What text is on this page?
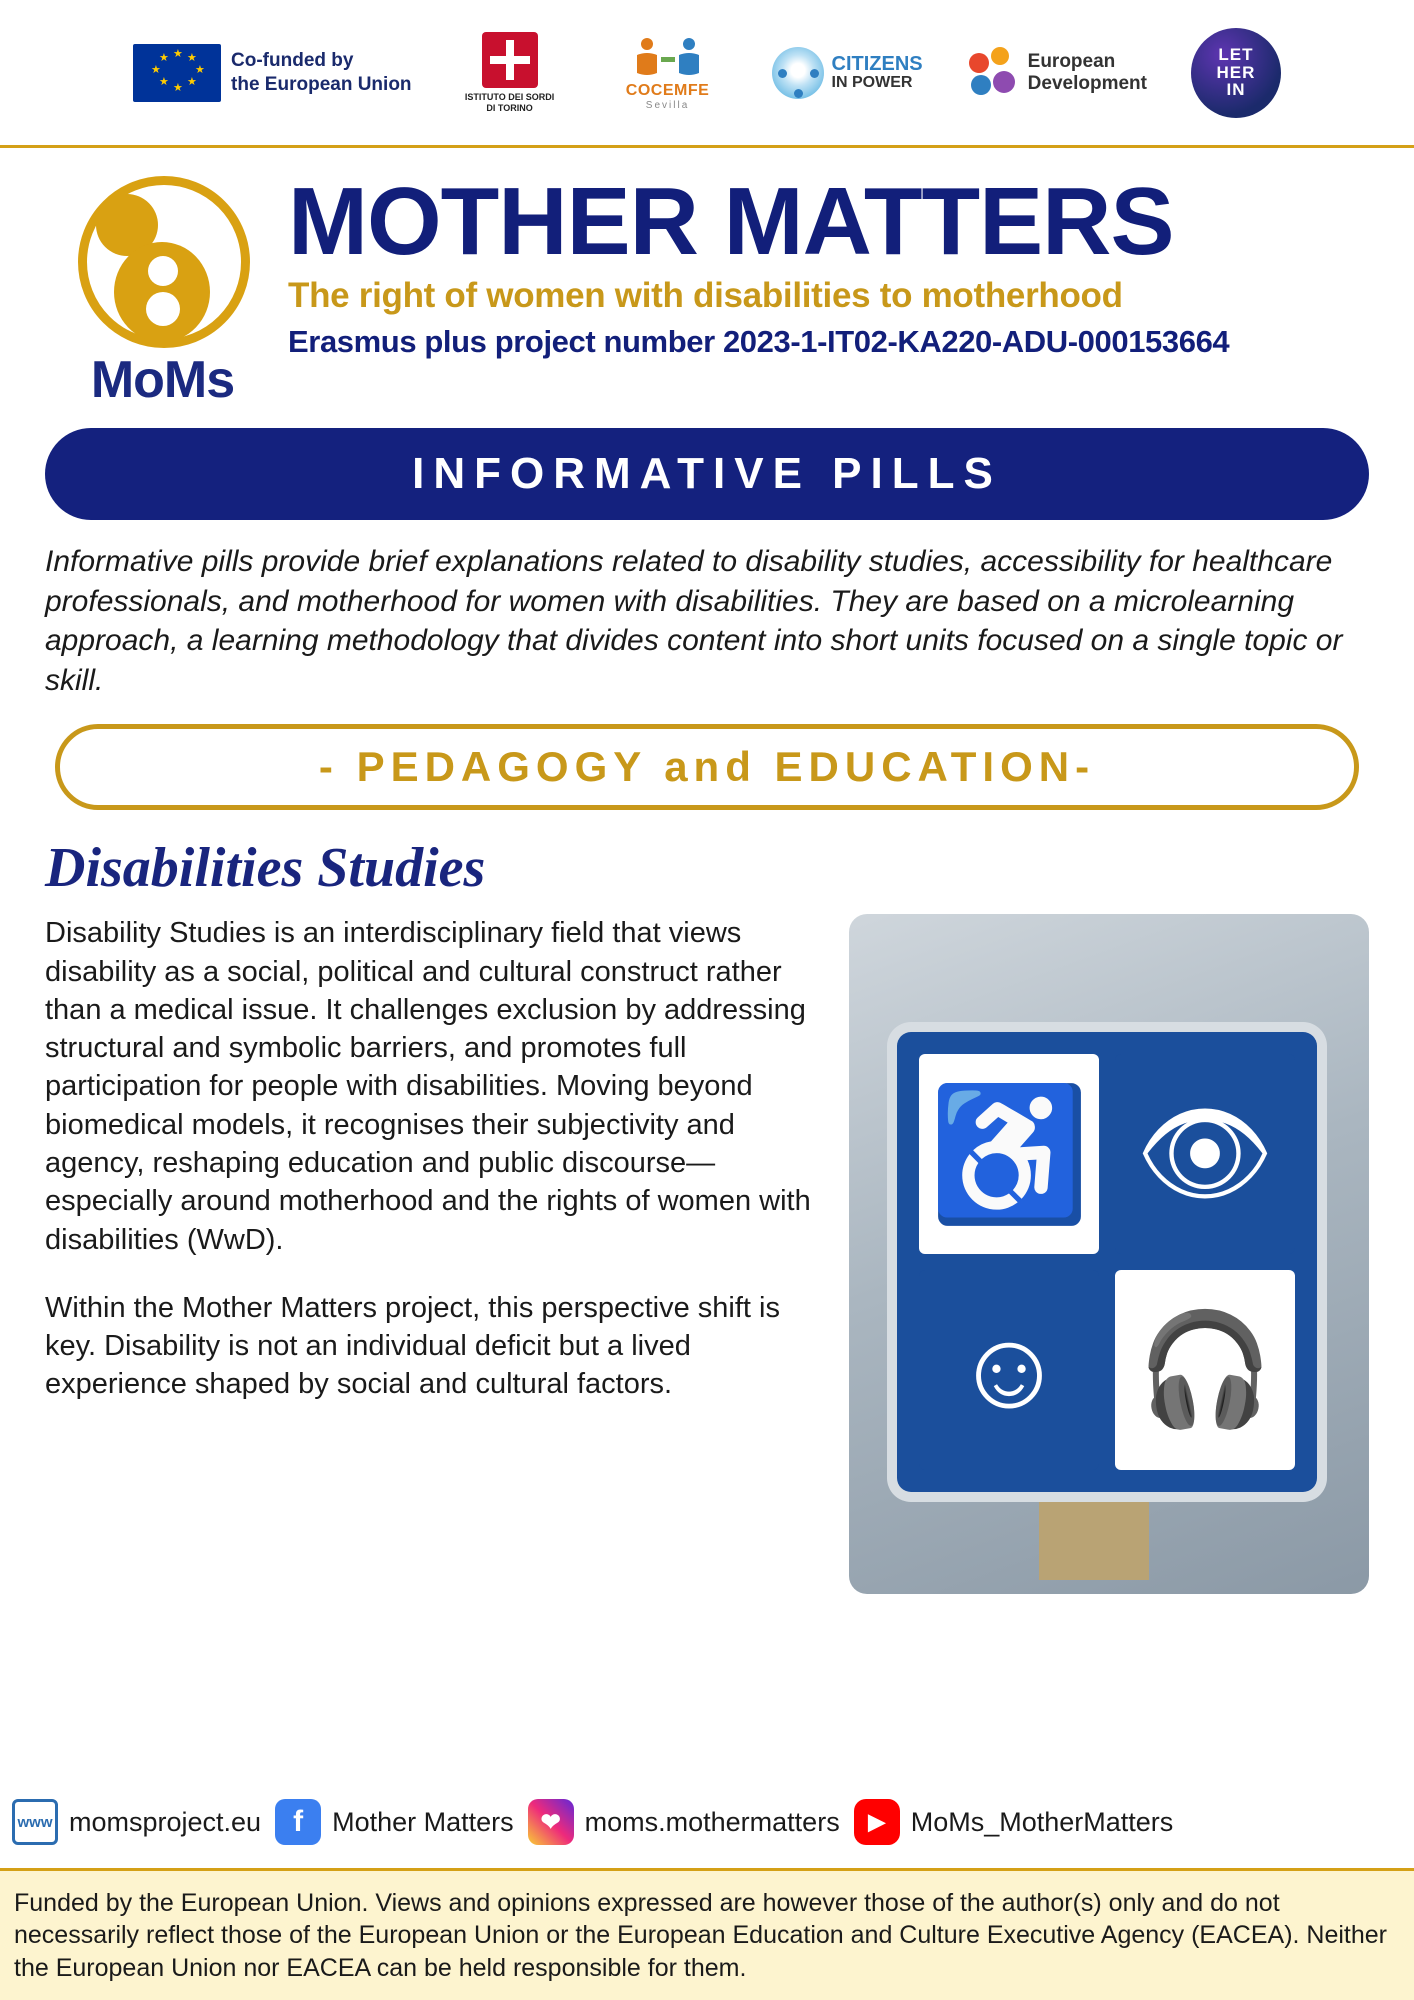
★ ★
★
★
★
★
★
★	Co-funded by
the European Union
ISTITUTO DEI SORDI
DI TORINO
COCEMFE
Sevilla
CITIZENS
IN POWER
European
Development
LET
HER
IN
MoMs
MOTHER MATTERS
The right of women with disabilities to motherhood
Erasmus plus project number 2023-1-IT02-KA220-ADU-000153664
INFORMATIVE PILLS
Informative pills provide brief explanations related to disability studies, accessibility for healthcare professionals, and motherhood for women with disabilities. They are based on a microlearning approach, a learning methodology that divides content into short units focused on a single topic or skill.
- PEDAGOGY and EDUCATION-
Disabilities Studies

Disability Studies is an interdisciplinary field that views disability as a social, political and cultural construct rather than a medical issue. It challenges exclusion by addressing structural and symbolic barriers, and promotes full participation for people with disabilities. Moving beyond biomedical models, it recognises their subjectivity and agency, reshaping education and public discourse—especially around motherhood and the rights of women with disabilities (WwD).

Within the Mother Matters project, this perspective shift is key. Disability is not an individual deficit but a lived experience shaped by social and cultural factors.

♿ 👁
☺ 🎧
www momsproject.eu	f	Mother Matters	❤ moms.mothermatters	▶ MoMs_MotherMatters
Funded by the European Union. Views and opinions expressed are however those of the author(s) only and do not necessarily reflect those of the European Union or the European Education and Culture Executive Agency (EACEA). Neither the European Union nor EACEA can be held responsible for them.
